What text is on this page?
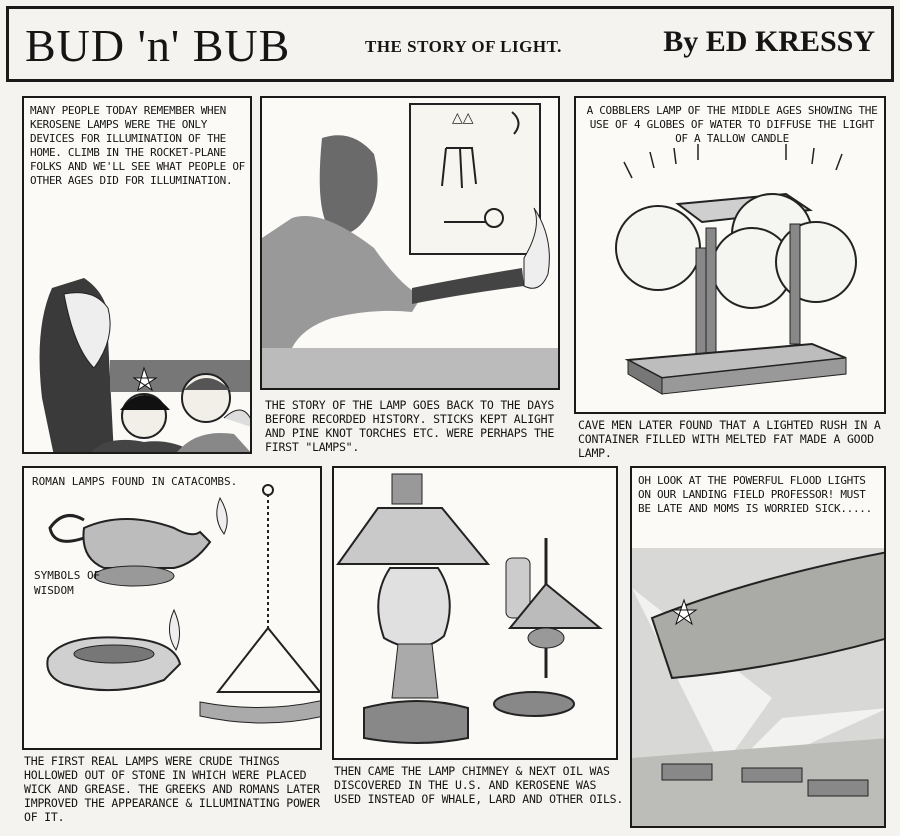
BUD 'n' BUB	THE STORY OF LIGHT.	By ED KRESSY
MANY PEOPLE TODAY REMEMBER WHEN KEROSENE LAMPS WERE THE ONLY DEVICES FOR ILLUMINATION OF THE HOME. CLIMB IN THE ROCKET-PLANE FOLKS AND WE'LL SEE WHAT PEOPLE OF OTHER AGES DID FOR ILLUMINATION.
△△
THE STORY OF THE LAMP GOES BACK TO THE DAYS BEFORE RECORDED HISTORY. STICKS KEPT ALIGHT AND PINE KNOT TORCHES ETC. WERE PERHAPS THE FIRST "LAMPS".
A COBBLERS LAMP OF THE MIDDLE AGES SHOWING THE USE OF 4 GLOBES OF WATER TO DIFFUSE THE LIGHT OF A TALLOW CANDLE
CAVE MEN LATER FOUND THAT A LIGHTED RUSH IN A CONTAINER FILLED WITH MELTED FAT MADE A GOOD LAMP.
ROMAN LAMPS FOUND IN CATACOMBS.
SYMBOLS OF WISDOM
THE FIRST REAL LAMPS WERE CRUDE THINGS HOLLOWED OUT OF STONE IN WHICH WERE PLACED WICK AND GREASE. THE GREEKS AND ROMANS LATER IMPROVED THE APPEARANCE & ILLUMINATING POWER OF IT.
THEN CAME THE LAMP CHIMNEY & NEXT OIL WAS DISCOVERED IN THE U.S. AND KEROSENE WAS USED INSTEAD OF WHALE, LARD AND OTHER OILS.
OH LOOK AT THE POWERFUL FLOOD LIGHTS ON OUR LANDING FIELD PROFESSOR! MUST BE LATE AND MOMS IS WORRIED SICK.....
